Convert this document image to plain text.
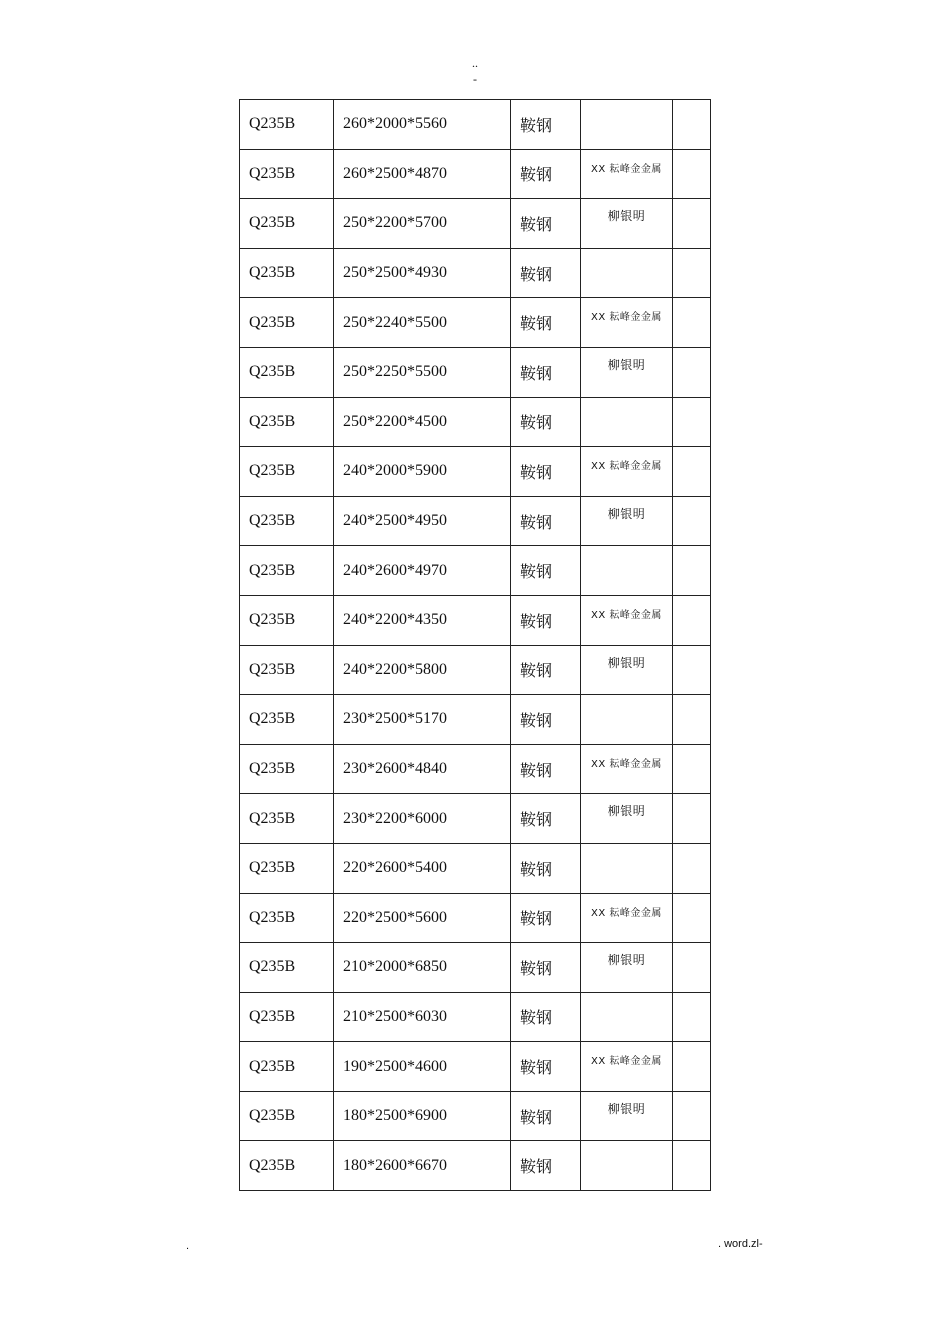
..
-
Q235B	260*2000*5560	鞍钢	

Q235B	260*2500*4870	鞍钢	XX 耘峰金金属	

Q235B	250*2200*5700	鞍钢	柳银明	

Q235B	250*2500*4930	鞍钢	

Q235B	250*2240*5500	鞍钢	XX 耘峰金金属	

Q235B	250*2250*5500	鞍钢	柳银明	

Q235B	250*2200*4500	鞍钢	

Q235B	240*2000*5900	鞍钢	XX 耘峰金金属	

Q235B	240*2500*4950	鞍钢	柳银明	

Q235B	240*2600*4970	鞍钢	

Q235B	240*2200*4350	鞍钢	XX 耘峰金金属	

Q235B	240*2200*5800	鞍钢	柳银明	

Q235B	230*2500*5170	鞍钢	

Q235B	230*2600*4840	鞍钢	XX 耘峰金金属	

Q235B	230*2200*6000	鞍钢	柳银明	

Q235B	220*2600*5400	鞍钢	

Q235B	220*2500*5600	鞍钢	XX 耘峰金金属	

Q235B	210*2000*6850	鞍钢	柳银明	

Q235B	210*2500*6030	鞍钢	

Q235B	190*2500*4600	鞍钢	XX 耘峰金金属	

Q235B	180*2500*6900	鞍钢	柳银明	

Q235B	180*2600*6670	鞍钢	

.	. word.zl-
